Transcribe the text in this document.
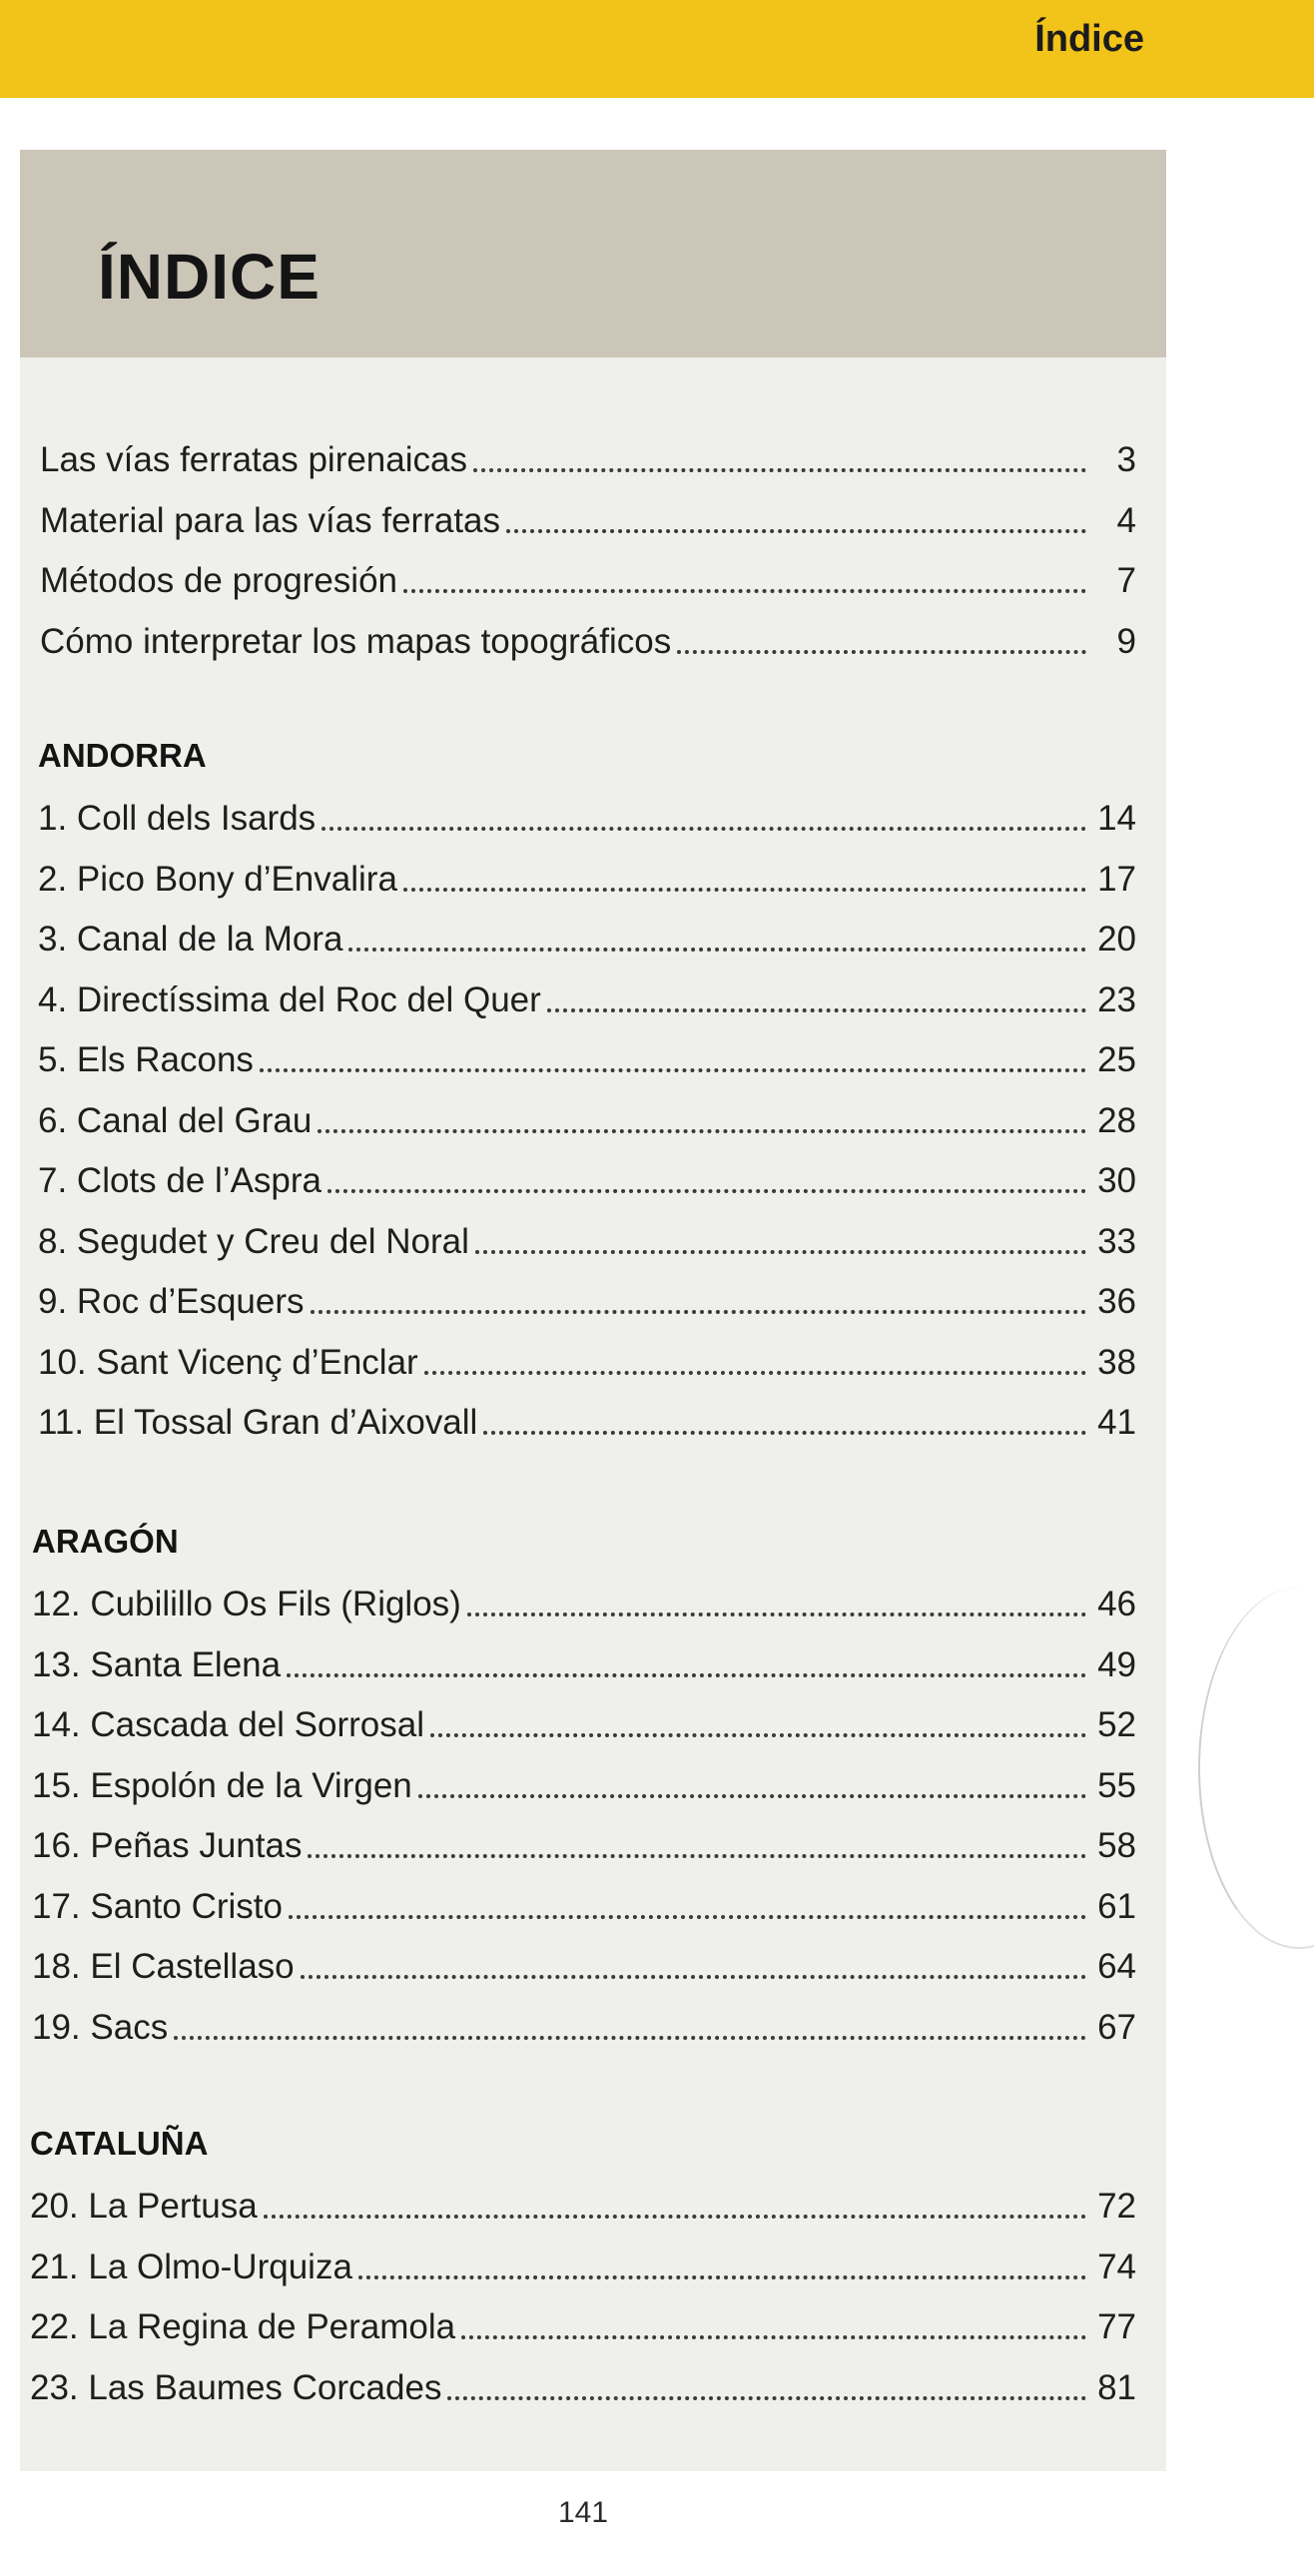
Índice
ÍNDICE
Las vías ferratas pirenaicas	3
Material para las vías ferratas	4
Métodos de progresión	7
Cómo interpretar los mapas topográficos	9
ANDORRA
1. Coll dels Isards	14
2. Pico Bony d’Envalira	17
3. Canal de la Mora	20
4. Directíssima del Roc del Quer	23
5. Els Racons	25
6. Canal del Grau	28
7. Clots de l’Aspra	30
8. Segudet y Creu del Noral	33
9. Roc d’Esquers	36
10. Sant Vicenç d’Enclar	38
11. El Tossal Gran d’Aixovall	41
ARAGÓN
12. Cubilillo Os Fils (Riglos)	46
13. Santa Elena	49
14. Cascada del Sorrosal	52
15. Espolón de la Virgen	55
16. Peñas Juntas	58
17. Santo Cristo	61
18. El Castellaso	64
19. Sacs	67
CATALUÑA
20. La Pertusa	72
21. La Olmo-Urquiza	74
22. La Regina de Peramola	77
23. Las Baumes Corcades	81
141
